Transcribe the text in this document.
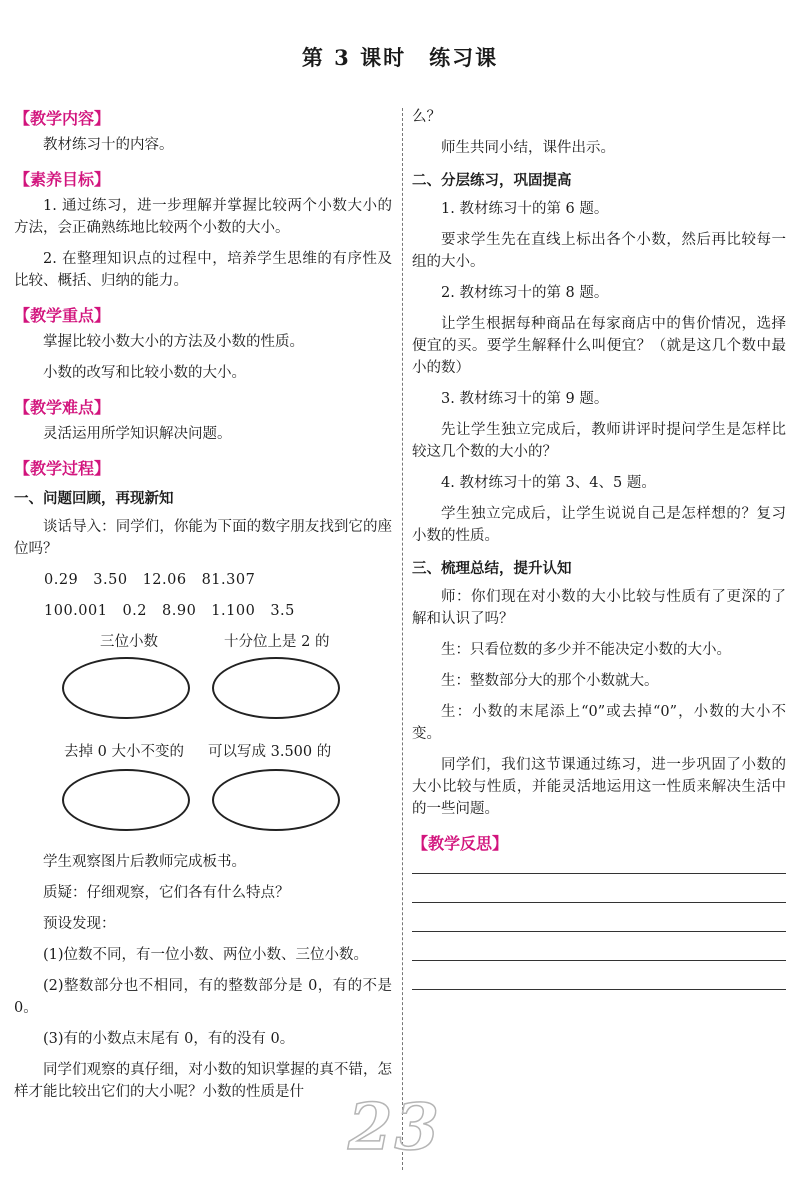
第 3 课时　练习课
【教学内容】

教材练习十的内容。

【素养目标】

1. 通过练习，进一步理解并掌握比较两个小数大小的方法，会正确熟练地比较两个小数的大小。

2. 在整理知识点的过程中，培养学生思维的有序性及比较、概括、归纳的能力。

【教学重点】

掌握比较小数大小的方法及小数的性质。

小数的改写和比较小数的大小。

【教学难点】

灵活运用所学知识解决问题。

【教学过程】
一、问题回顾，再现新知

谈话导入：同学们，你能为下面的数字朋友找到它的座位吗？

0.29　3.50　12.06　81.307
100.001　0.2　8.90　1.100　3.5
三位小数	十分位上是 2 的
去掉 0 大小不变的 可以写成 3.500 的

学生观察图片后教师完成板书。

质疑：仔细观察，它们各有什么特点？

预设发现：

(1)位数不同，有一位小数、两位小数、三位小数。

(2)整数部分也不相同，有的整数部分是 0，有的不是 0。

(3)有的小数点末尾有 0，有的没有 0。

同学们观察的真仔细，对小数的知识掌握的真不错，怎样才能比较出它们的大小呢？小数的性质是什

么？

师生共同小结，课件出示。

二、分层练习，巩固提高

1. 教材练习十的第 6 题。

要求学生先在直线上标出各个小数，然后再比较每一组的大小。

2. 教材练习十的第 8 题。

让学生根据每种商品在每家商店中的售价情况，选择便宜的买。要学生解释什么叫便宜？（就是这几个数中最小的数）

3. 教材练习十的第 9 题。

先让学生独立完成后，教师讲评时提问学生是怎样比较这几个数的大小的？

4. 教材练习十的第 3、4、5 题。

学生独立完成后，让学生说说自己是怎样想的？复习小数的性质。

三、梳理总结，提升认知

师：你们现在对小数的大小比较与性质有了更深的了解和认识了吗？

生：只看位数的多少并不能决定小数的大小。

生：整数部分大的那个小数就大。

生：小数的末尾添上“0”或去掉“0”，小数的大小不变。

同学们，我们这节课通过练习，进一步巩固了小数的大小比较与性质，并能灵活地运用这一性质来解决生活中的一些问题。

【教学反思】
23
